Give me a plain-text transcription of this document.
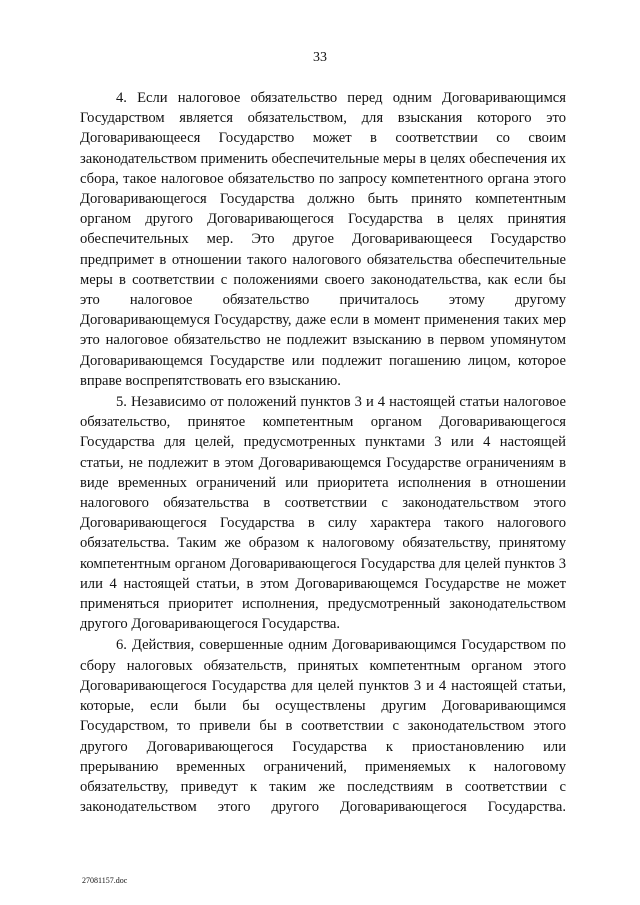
33

4. Если налоговое обязательство перед одним Договаривающимся Государством является обязательством, для взыскания которого это Договаривающееся Государство может в соответствии со своим законодательством применить обеспечительные меры в целях обеспечения их сбора, такое налоговое обязательство по запросу компетентного органа этого Договаривающегося Государства должно быть принято компетентным органом другого Договаривающегося Государства в целях принятия обеспечительных мер. Это другое Договаривающееся Государство предпримет в отношении такого налогового обязательства обеспечительные меры в соответствии с положениями своего законодательства, как если бы это налоговое обязательство причиталось этому другому Договаривающемуся Государству, даже если в момент применения таких мер это налоговое обязательство не подлежит взысканию в первом упомянутом Договаривающемся Государстве или подлежит погашению лицом, которое вправе воспрепятствовать его взысканию.

5. Независимо от положений пунктов 3 и 4 настоящей статьи налоговое обязательство, принятое компетентным органом Договаривающегося Государства для целей, предусмотренных пунктами 3 или 4 настоящей статьи, не подлежит в этом Договаривающемся Государстве ограничениям в виде временных ограничений или приоритета исполнения в отношении налогового обязательства в соответствии с законодательством этого Договаривающегося Государства в силу характера такого налогового обязательства. Таким же образом к налоговому обязательству, принятому компетентным органом Договаривающегося Государства для целей пунктов 3 или 4 настоящей статьи, в этом Договаривающемся Государстве не может применяться приоритет исполнения, предусмотренный законодательством другого Договаривающегося Государства.

6. Действия, совершенные одним Договаривающимся Государством по сбору налоговых обязательств, принятых компетентным органом этого Договаривающегося Государства для целей пунктов 3 и 4 настоящей статьи, которые, если были бы осуществлены другим Договаривающимся Государством, то привели бы в соответствии с законодательством этого другого Договаривающегося Государства к приостановлению или прерыванию временных ограничений, применяемых к налоговому обязательству, приведут к таким же последствиям в соответствии с законодательством этого другого Договаривающегося Государства.

27081157.doc
